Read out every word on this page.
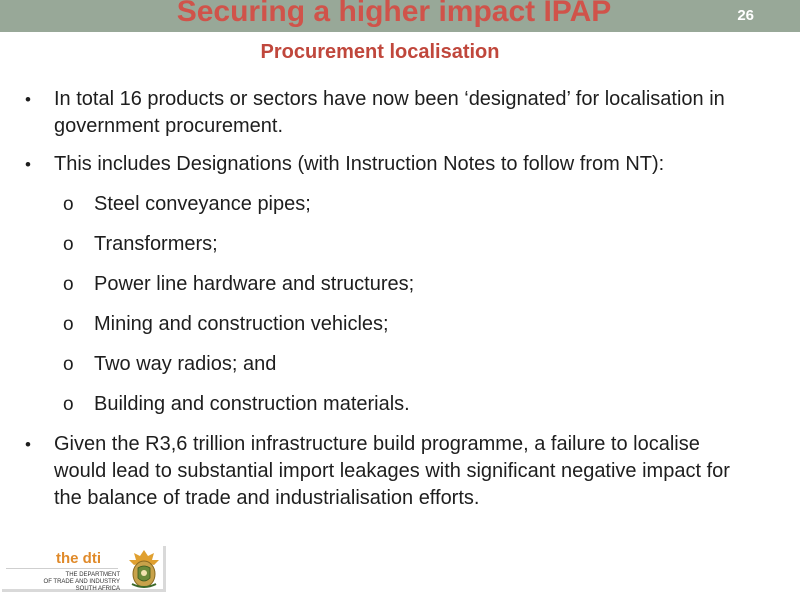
Securing a higher impact IPAP	26
Procurement localisation
• In total 16 products or sectors have now been ‘designated’ for localisation in government procurement.
• This includes Designations (with Instruction Notes to follow from NT):
o Steel conveyance pipes;
o Transformers;
o Power line hardware and structures;
o Mining and construction vehicles;
o Two way radios; and
o Building and construction materials.
• Given the R3,6 trillion infrastructure build programme, a failure to localise would lead to substantial import leakages with significant negative impact for the balance of trade and industrialisation efforts.
the dti
THE DEPARTMENT
OF TRADE AND INDUSTRY
SOUTH AFRICA
